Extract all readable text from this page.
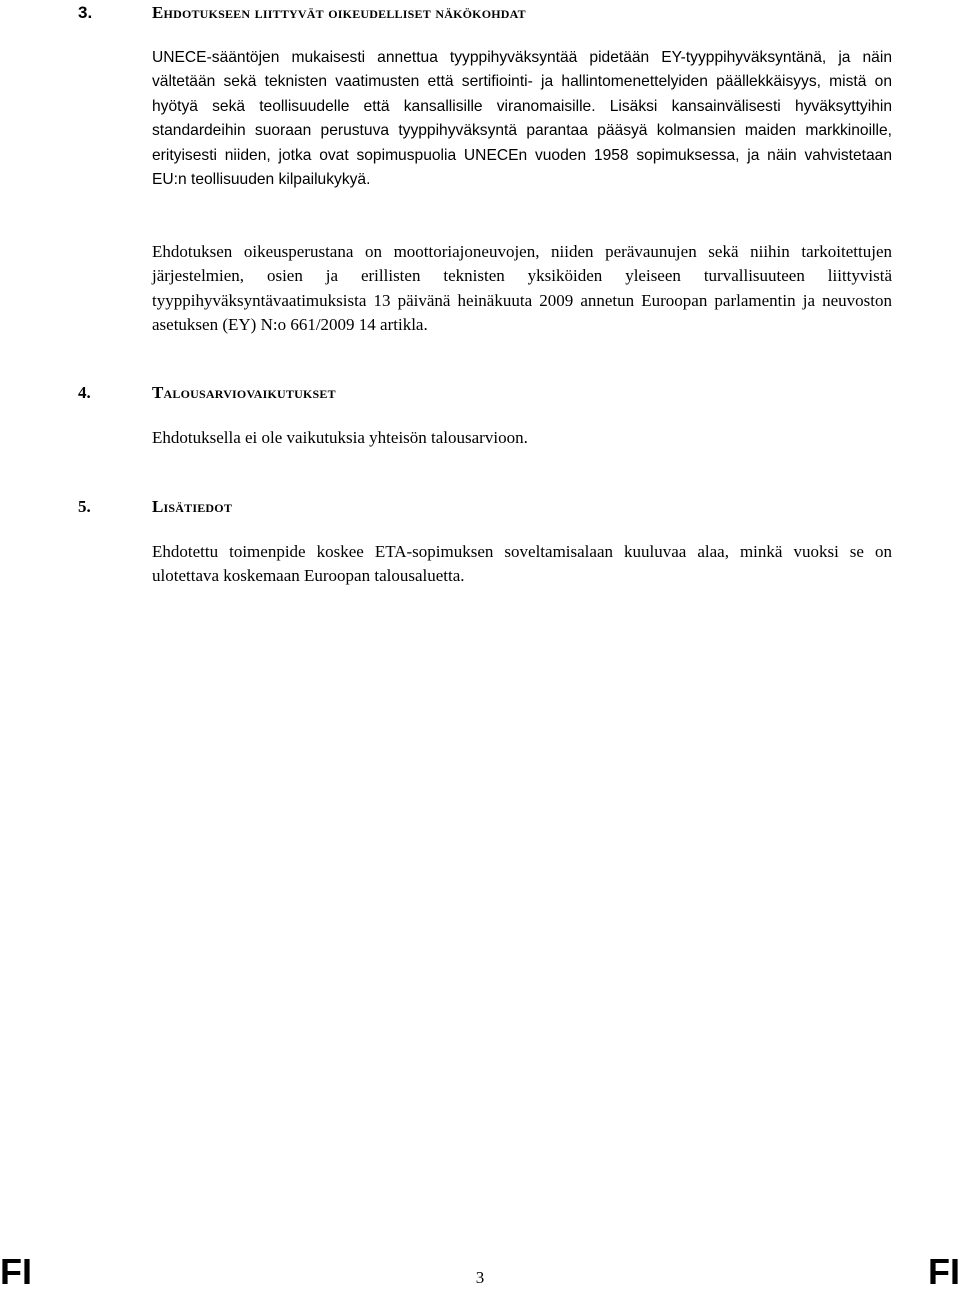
3.	Ehdotukseen liittyvät oikeudelliset näkökohdat
UNECE-sääntöjen mukaisesti annettua tyyppihyväksyntää pidetään EY-tyyppihyväksyntänä, ja näin vältetään sekä teknisten vaatimusten että sertifiointi- ja hallintomenettelyiden päällekkäisyys, mistä on hyötyä sekä teollisuudelle että kansallisille viranomaisille. Lisäksi kansainvälisesti hyväksyttyihin standardeihin suoraan perustuva tyyppihyväksyntä parantaa pääsyä kolmansien maiden markkinoille, erityisesti niiden, jotka ovat sopimuspuolia UNECEn vuoden 1958 sopimuksessa, ja näin vahvistetaan EU:n teollisuuden kilpailukykyä.
Ehdotuksen oikeusperustana on moottoriajoneuvojen, niiden perävaunujen sekä niihin tarkoitettujen järjestelmien, osien ja erillisten teknisten yksiköiden yleiseen turvallisuuteen liittyvistä tyyppihyväksyntävaatimuksista 13 päivänä heinäkuuta 2009 annetun Euroopan parlamentin ja neuvoston asetuksen (EY) N:o 661/2009 14 artikla.
4.	Talousarviovaikutukset
Ehdotuksella ei ole vaikutuksia yhteisön talousarvioon.
5.	Lisätiedot
Ehdotettu toimenpide koskee ETA-sopimuksen soveltamisalaan kuuluvaa alaa, minkä vuoksi se on ulotettava koskemaan Euroopan talousaluetta.
FI	3	FI
